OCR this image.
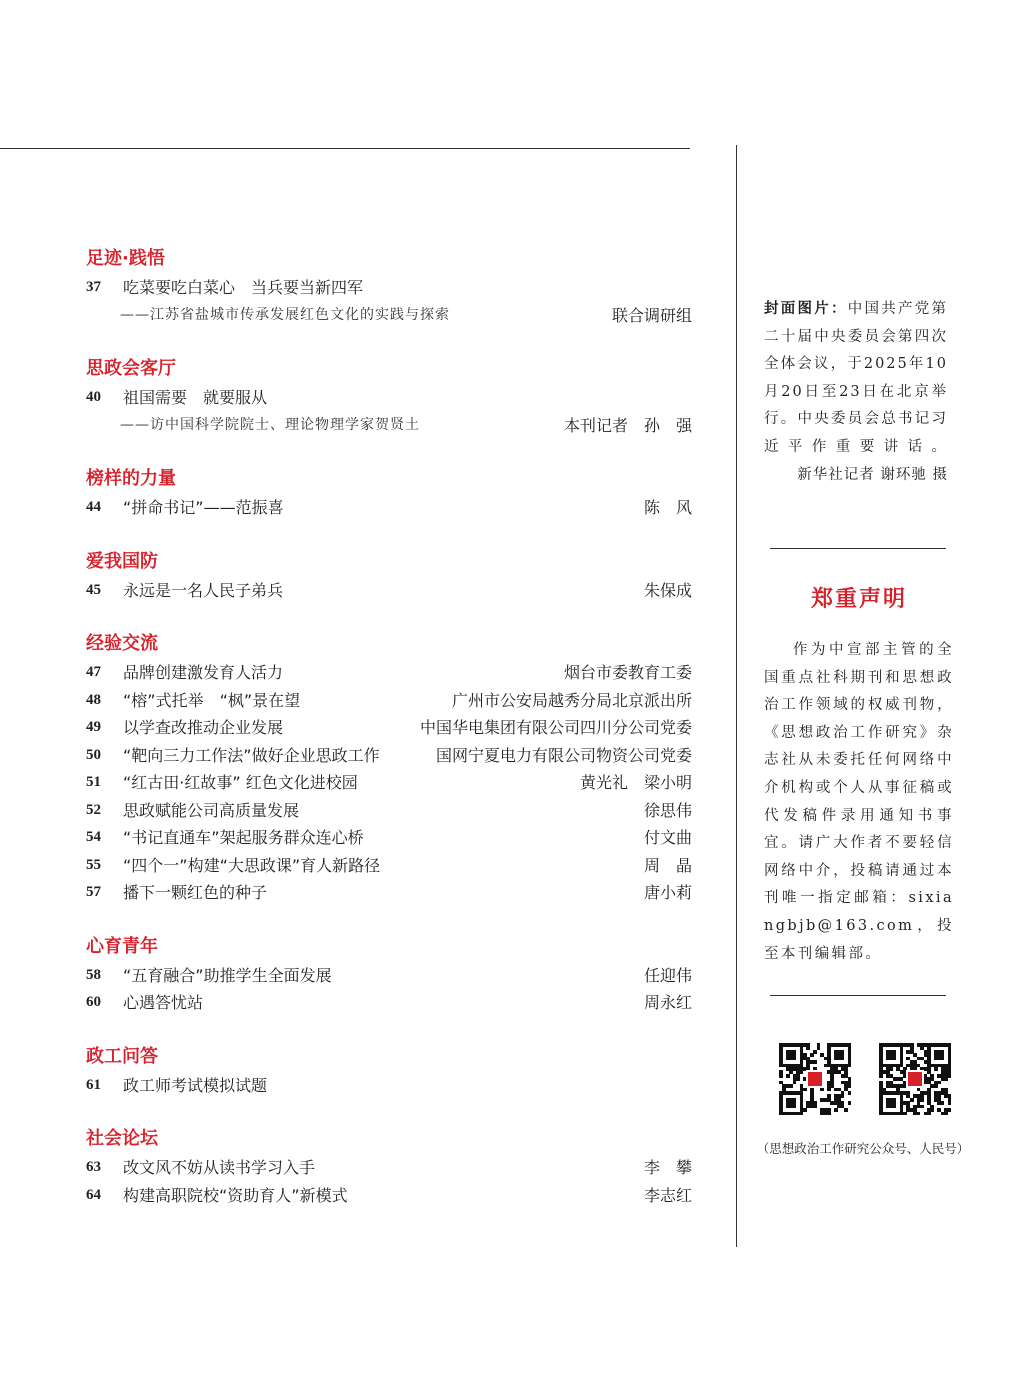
足迹·践悟
37	吃菜要吃白菜心　当兵要当新四军
——江苏省盐城市传承发展红色文化的实践与探索	联合调研组
思政会客厅
40	祖国需要　就要服从
——访中国科学院院士、理论物理学家贺贤土	本刊记者　孙　强
榜样的力量
44	“拼命书记”——范振喜	陈　风
爱我国防
45	永远是一名人民子弟兵	朱保成
经验交流
47	品牌创建激发育人活力	烟台市委教育工委
48	“榕”式托举　“枫”景在望	广州市公安局越秀分局北京派出所
49	以学查改推动企业发展	中国华电集团有限公司四川分公司党委
50	“靶向三力工作法”做好企业思政工作	国网宁夏电力有限公司物资公司党委
51	“红古田·红故事” 红色文化进校园	黄光礼　梁小明
52	思政赋能公司高质量发展	徐思伟
54	“书记直通车”架起服务群众连心桥	付文曲
55	“四个一”构建“大思政课”育人新路径	周　晶
57	播下一颗红色的种子	唐小莉
心育青年
58	“五育融合”助推学生全面发展	任迎伟
60	心遇答忧站	周永红
政工问答
61	政工师考试模拟试题
社会论坛
63	改文风不妨从读书学习入手	李　攀
64	构建高职院校“资助育人”新模式	李志红
封面图片：中国共产党第二十届中央委员会第四次全体会议，于2025年10月20日至23日在北京举行。中央委员会总书记习近平作重要讲话。
新华社记者 谢环驰 摄
郑重声明
作为中宣部主管的全国重点社科期刊和思想政治工作领域的权威刊物，《思想政治工作研究》杂志社从未委托任何网络中介机构或个人从事征稿或代发稿件录用通知书事宜。请广大作者不要轻信网络中介，投稿请通过本刊唯一指定邮箱：sixiangbjb@163.com，投至本刊编辑部。
（思想政治工作研究公众号、人民号）
